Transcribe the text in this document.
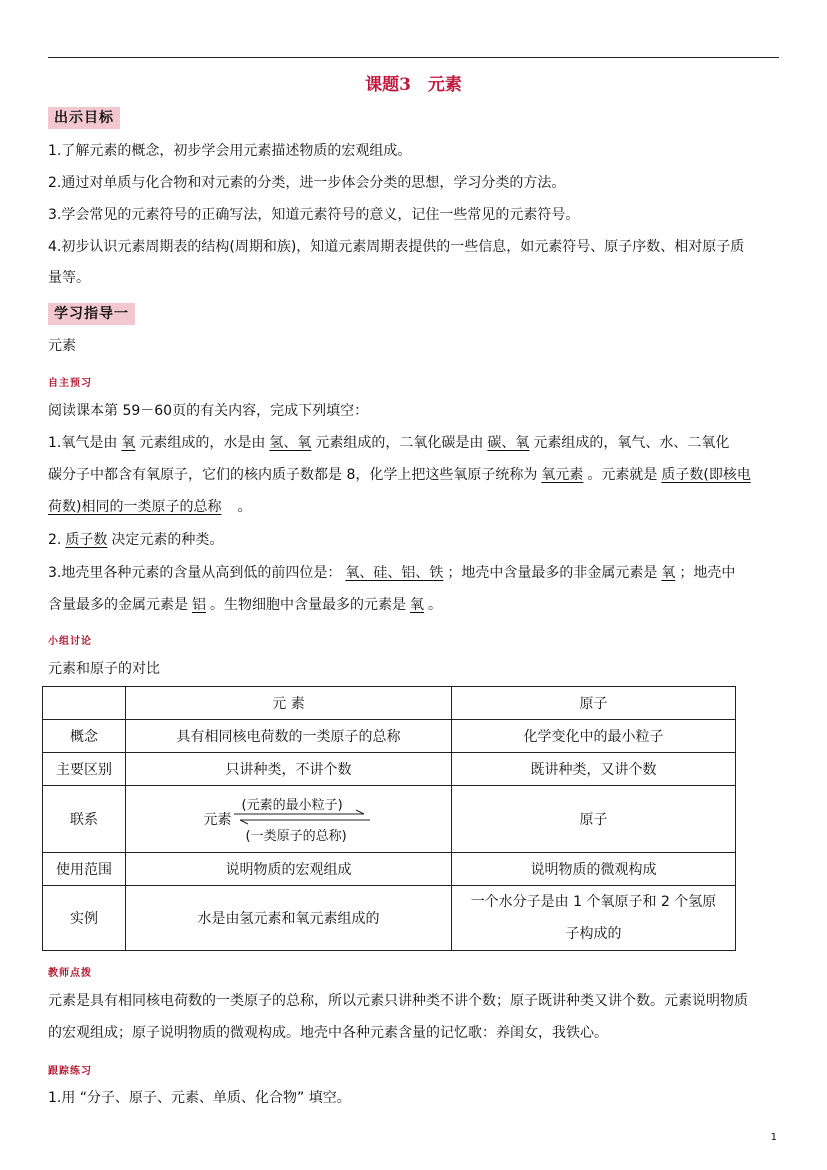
课题3　元素
出示目标
1.了解元素的概念，初步学会用元素描述物质的宏观组成。
2.通过对单质与化合物和对元素的分类，进一步体会分类的思想，学习分类的方法。
3.学会常见的元素符号的正确写法，知道元素符号的意义，记住一些常见的元素符号。
4.初步认识元素周期表的结构(周期和族)，知道元素周期表提供的一些信息，如元素符号、原子序数、相对原子质
量等。
学习指导一
元素
自主预习
阅读课本第 59－60页的有关内容，完成下列填空：
1.氧气是由 氧 元素组成的，水是由 氢、氧 元素组成的，二氧化碳是由 碳、氧 元素组成的，氧气、水、二氧化
碳分子中都含有氧原子，它们的核内质子数都是 8，化学上把这些氧原子统称为 氧元素 。元素就是 质子数(即核电
荷数)相同的一类原子的总称 。
2. 质子数 决定元素的种类。
3.地壳里各种元素的含量从高到低的前四位是： 氧、硅、铝、铁 ；地壳中含量最多的非金属元素是 氧 ；地壳中
含量最多的金属元素是 铝 。生物细胞中含量最多的元素是 氧 。
小组讨论
元素和原子的对比
	元 素	原子
概念	具有相同核电荷数的一类原子的总称	化学变化中的最小粒子
主要区别	只讲种类，不讲个数	既讲种类，又讲个数
联系	元素
(元素的最小粒子)
(一类原子的总称)	原子
使用范围	说明物质的宏观组成	说明物质的微观构成
实例	水是由氢元素和氧元素组成的	一个水分子是由 1 个氧原子和 2 个氢原子构成的
教师点拨
元素是具有相同核电荷数的一类原子的总称，所以元素只讲种类不讲个数；原子既讲种类又讲个数。元素说明物质
的宏观组成；原子说明物质的微观构成。地壳中各种元素含量的记忆歌：养闺女，我铁心。
跟踪练习
1.用 “分子、原子、元素、单质、化合物” 填空。
1
